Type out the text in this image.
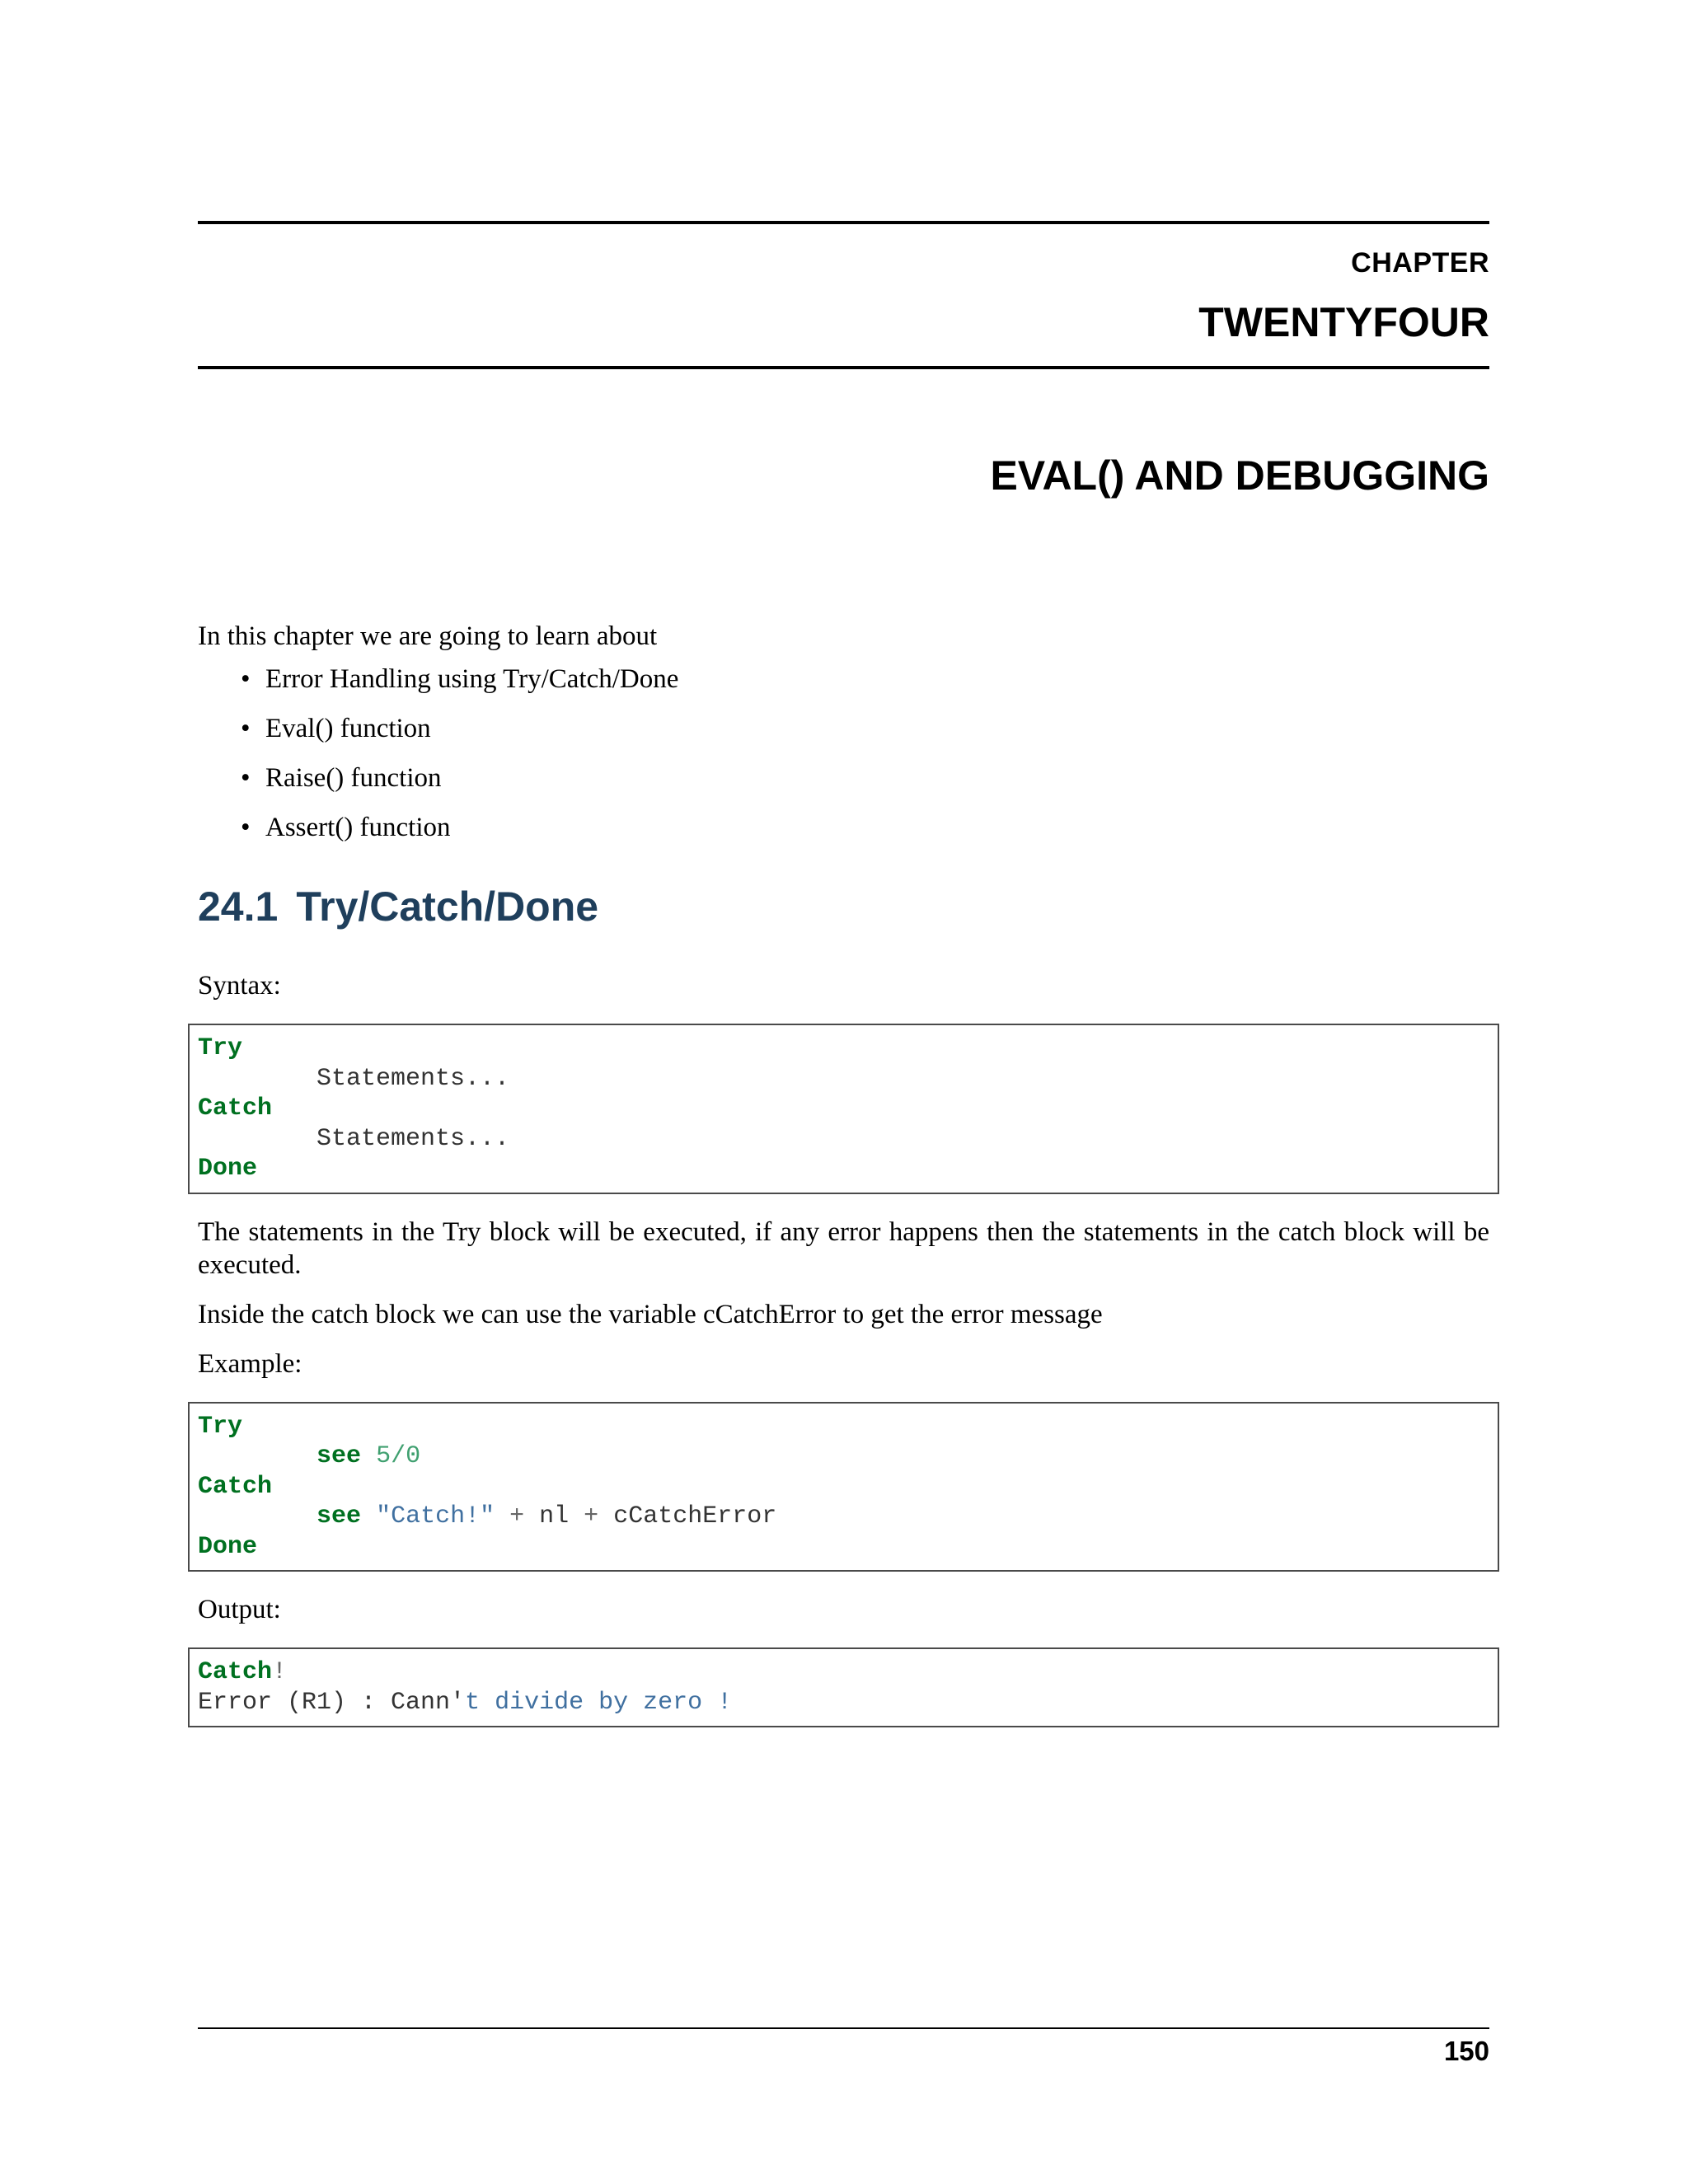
CHAPTER
TWENTYFOUR
EVAL() AND DEBUGGING

In this chapter we are going to learn about

• Error Handling using Try/Catch/Done
• Eval() function
• Raise() function
• Assert() function
24.1 Try/Catch/Done

Syntax:

Try
Statements...
Catch
Statements...
Done

The statements in the Try block will be executed, if any error happens then the statements in the catch block will be executed.

Inside the catch block we can use the variable cCatchError to get the error message

Example:

Try
see 5/0
Catch
see "Catch!" + nl + cCatchError
Done

Output:

Catch!
Error (R1) : Cann't divide by zero !
150
